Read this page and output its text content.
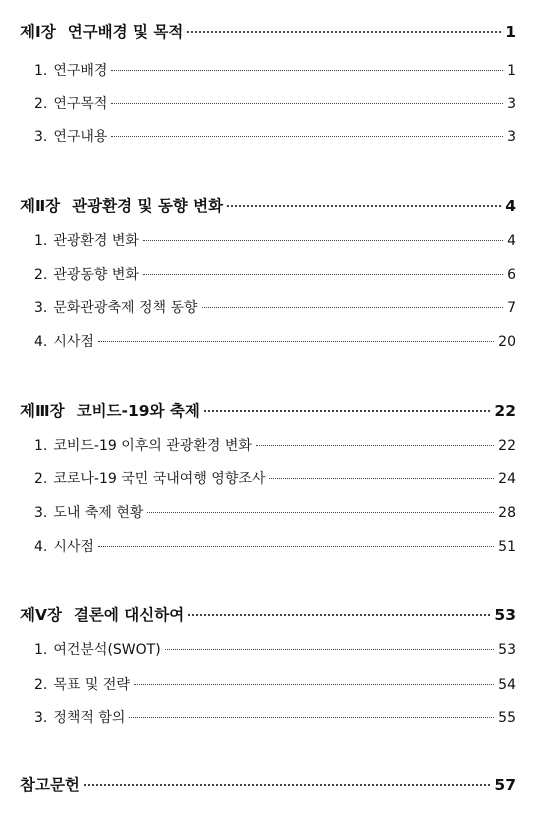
제Ⅰ장 연구배경 및 목적	1
1. 연구배경	1
2. 연구목적	3
3. 연구내용	3
제Ⅱ장 관광환경 및 동향 변화	4
1. 관광환경 변화	4
2. 관광동향 변화	6
3. 문화관광축제 정책 동향	7
4. 시사점	20
제Ⅲ장 코비드-19와 축제	22
1. 코비드-19 이후의 관광환경 변화	22
2. 코로나-19 국민 국내여행 영향조사	24
3. 도내 축제 현황	28
4. 시사점	51
제Ⅴ장 결론에 대신하여	53
1. 여건분석(SWOT)	53
2. 목표 및 전략	54
3. 정책적 함의	55
참고문헌	57
